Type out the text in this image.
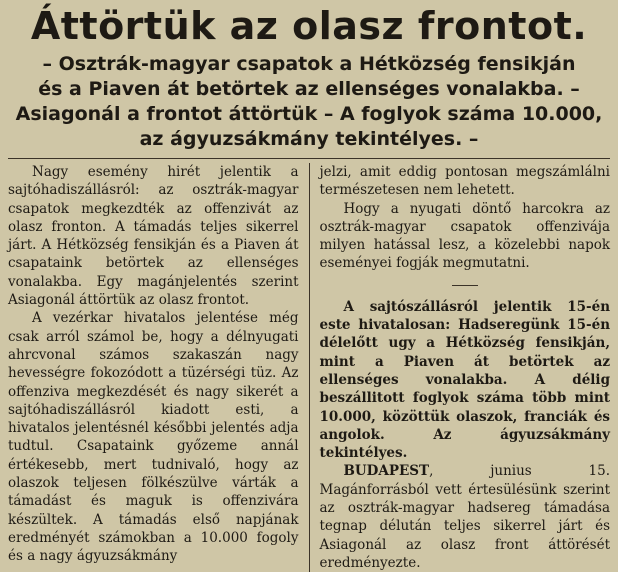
Áttörtük az olasz frontot.

– Osztrák-magyar csapatok a Hétközség fensikján

és a Piaven át betörtek az ellenséges vonalakba. –

Asiagonál a frontot áttörtük – A foglyok száma 10.000,

az ágyuzsákmány tekintélyes. –

Nagy esemény hirét jelentik a sajtóhadiszállásról: az osztrák-magyar csapatok megkezdték az offenzivát az olasz fronton. A támadás teljes sikerrel járt. A Hétközség fensikján és a Piaven át csapataink betörtek az ellenséges vonalakba. Egy magánjelentés szerint Asiagonál áttörtük az olasz frontot.

A vezérkar hivatalos jelentése még csak arról számol be, hogy a délnyugati ahrcvonal számos szakaszán nagy hevességre fokozódott a tüzérségi tüz. Az offenziva megkezdését és nagy sikerét a sajtóhadiszállásról kiadott esti, a hivatalos jelentésnél későbbi jelentés adja tudtul. Csapataink győzeme annál értékesebb, mert tudnivaló, hogy az olaszok teljesen fölkészülve várták a támadást és maguk is offenzivára készültek. A támadás első napjának eredményét számokban a 10.000 fogoly és a nagy ágyuzsákmány

jelzi, amit eddig pontosan megszámlálni természetesen nem lehetett.

Hogy a nyugati döntő harcokra az osztrák-magyar csapatok offenzivája milyen hatással lesz, a közelebbi napok eseményei fogják megmutatni.

A sajtószállásról jelentik 15-én este hivatalosan: Hadseregünk 15-én délelőtt ugy a Hétközség fensikján, mint a Piaven át betörtek az ellenséges vonalakba. A délig beszállitott foglyok száma több mint 10.000, közöttük olaszok, franciák és angolok. Az ágyuzsákmány tekintélyes.

BUDAPEST, junius 15. Magánforrásból vett értesülésünk szerint az osztrák-magyar hadsereg támadása tegnap délután teljes sikerrel járt és Asiagonál az olasz front áttörését eredményezte.
